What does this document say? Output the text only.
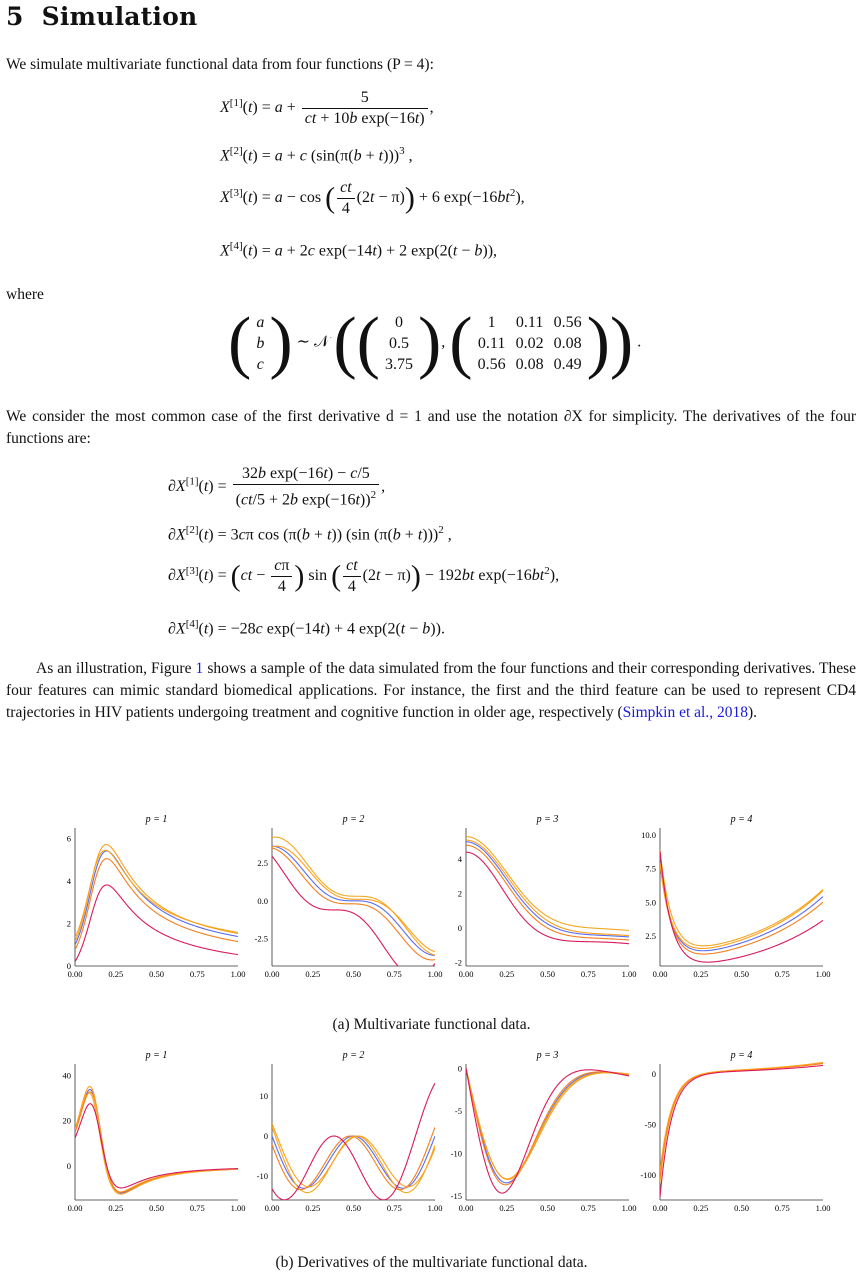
5 Simulation
We simulate multivariate functional data from four functions (P = 4):
$X[1](t) = a + \frac{5}{\text{ct + 10b exp(−16t)}}$ ,
X[2](t) = a + c $(\sin(\pi(b + t)))^3$ ,
X[3](t) = a − cos ( $\frac{ct}{4} (2t - \pi)) + 6$ $\exp(-16bt^2)$,
X[4](t) = a + 2c exp(−14t) + 2 exp(2(t − b)),
where
( a
b
c ) ∼ 𝒩 (( 0
0.5
3.75 ), ( 1	0.11	0.56
0.11	0.02	0.08
0.56	0.08	0.49 )) .
We consider the most common case of the first derivative d = 1 and use the notation ∂X for simplicity. The derivatives of the four functions are:
$\partial X[1](t) = \frac{\text{32b exp(−16t) − c/5}}{(ct/5 + 2b \exp(-16t))^2}$ ,
∂X[2](t) = 3cπ cos (π(b + t)) (sin (π(b + t)))$^2$ ,
$\partial X[3](t) = (ct - \frac{c\pi}{4}$ ) sin ( $\frac{ct}{4} (2t - \pi)) - 192bt$ $\exp(-16bt^2)$,
∂X[4](t) = −28c exp(−14t) + 4 exp(2(t − b)).
As an illustration, Figure 1 shows a sample of the data simulated from the four functions and their corresponding derivatives. These four features can mimic standard biomedical applications. For instance, the first and the third feature can be used to represent CD4 trajectories in HIV patients undergoing treatment and cognitive function in older age, respectively (Simpkin et al., 2018).
p = 1
0.00	0.25	0.50	0.75	1.00
0
2
4
6
p = 2
0.00	0.25	0.50	0.75	1.00
-2.5
0.0
2.5
p = 3
0.00	0.25	0.50	0.75	1.00
-2
0
2
4
p = 4
0.00	0.25	0.50	0.75	1.00
2.5
5.0
7.5
10.0
(a) Multivariate functional data.
p = 1
0.00	0.25	0.50	0.75	1.00
0
20
40
p = 2
0.00	0.25	0.50	0.75	1.00
-10
0
10
p = 3
0.00	0.25	0.50	0.75	1.00
-15
-10
-5
0
p = 4
0.00	0.25	0.50	0.75	1.00
-100
-50
0
(b) Derivatives of the multivariate functional data.
